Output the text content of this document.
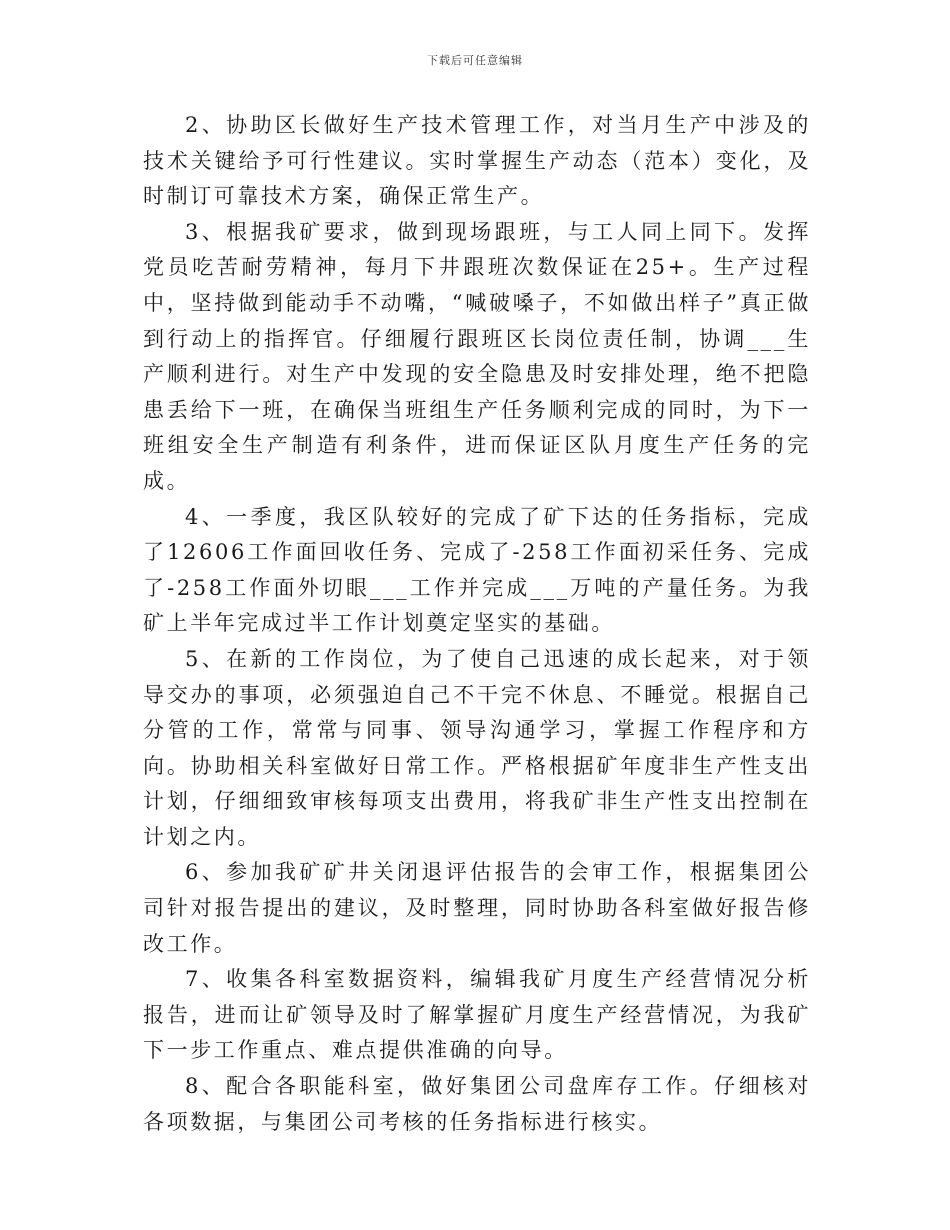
下载后可任意编辑

2、协助区长做好生产技术管理工作，对当月生产中涉及的技术关键给予可行性建议。实时掌握生产动态（范本）变化，及时制订可靠技术方案，确保正常生产。

3、根据我矿要求，做到现场跟班，与工人同上同下。发挥党员吃苦耐劳精神，每月下井跟班次数保证在25+。生产过程中，坚持做到能动手不动嘴，“喊破嗓子，不如做出样子”真正做到行动上的指挥官。仔细履行跟班区长岗位责任制，协调___生产顺利进行。对生产中发现的安全隐患及时安排处理，绝不把隐患丢给下一班，在确保当班组生产任务顺利完成的同时，为下一班组安全生产制造有利条件，进而保证区队月度生产任务的完成。

4、一季度，我区队较好的完成了矿下达的任务指标，完成了12606工作面回收任务、完成了-258工作面初采任务、完成了-258工作面外切眼___工作并完成___万吨的产量任务。为我矿上半年完成过半工作计划奠定坚实的基础。

5、在新的工作岗位，为了使自己迅速的成长起来，对于领导交办的事项，必须强迫自己不干完不休息、不睡觉。根据自己分管的工作，常常与同事、领导沟通学习，掌握工作程序和方向。协助相关科室做好日常工作。严格根据矿年度非生产性支出计划，仔细细致审核每项支出费用，将我矿非生产性支出控制在计划之内。

6、参加我矿矿井关闭退评估报告的会审工作，根据集团公司针对报告提出的建议，及时整理，同时协助各科室做好报告修改工作。

7、收集各科室数据资料，编辑我矿月度生产经营情况分析报告，进而让矿领导及时了解掌握矿月度生产经营情况，为我矿下一步工作重点、难点提供准确的向导。

8、配合各职能科室，做好集团公司盘库存工作。仔细核对各项数据，与集团公司考核的任务指标进行核实。
